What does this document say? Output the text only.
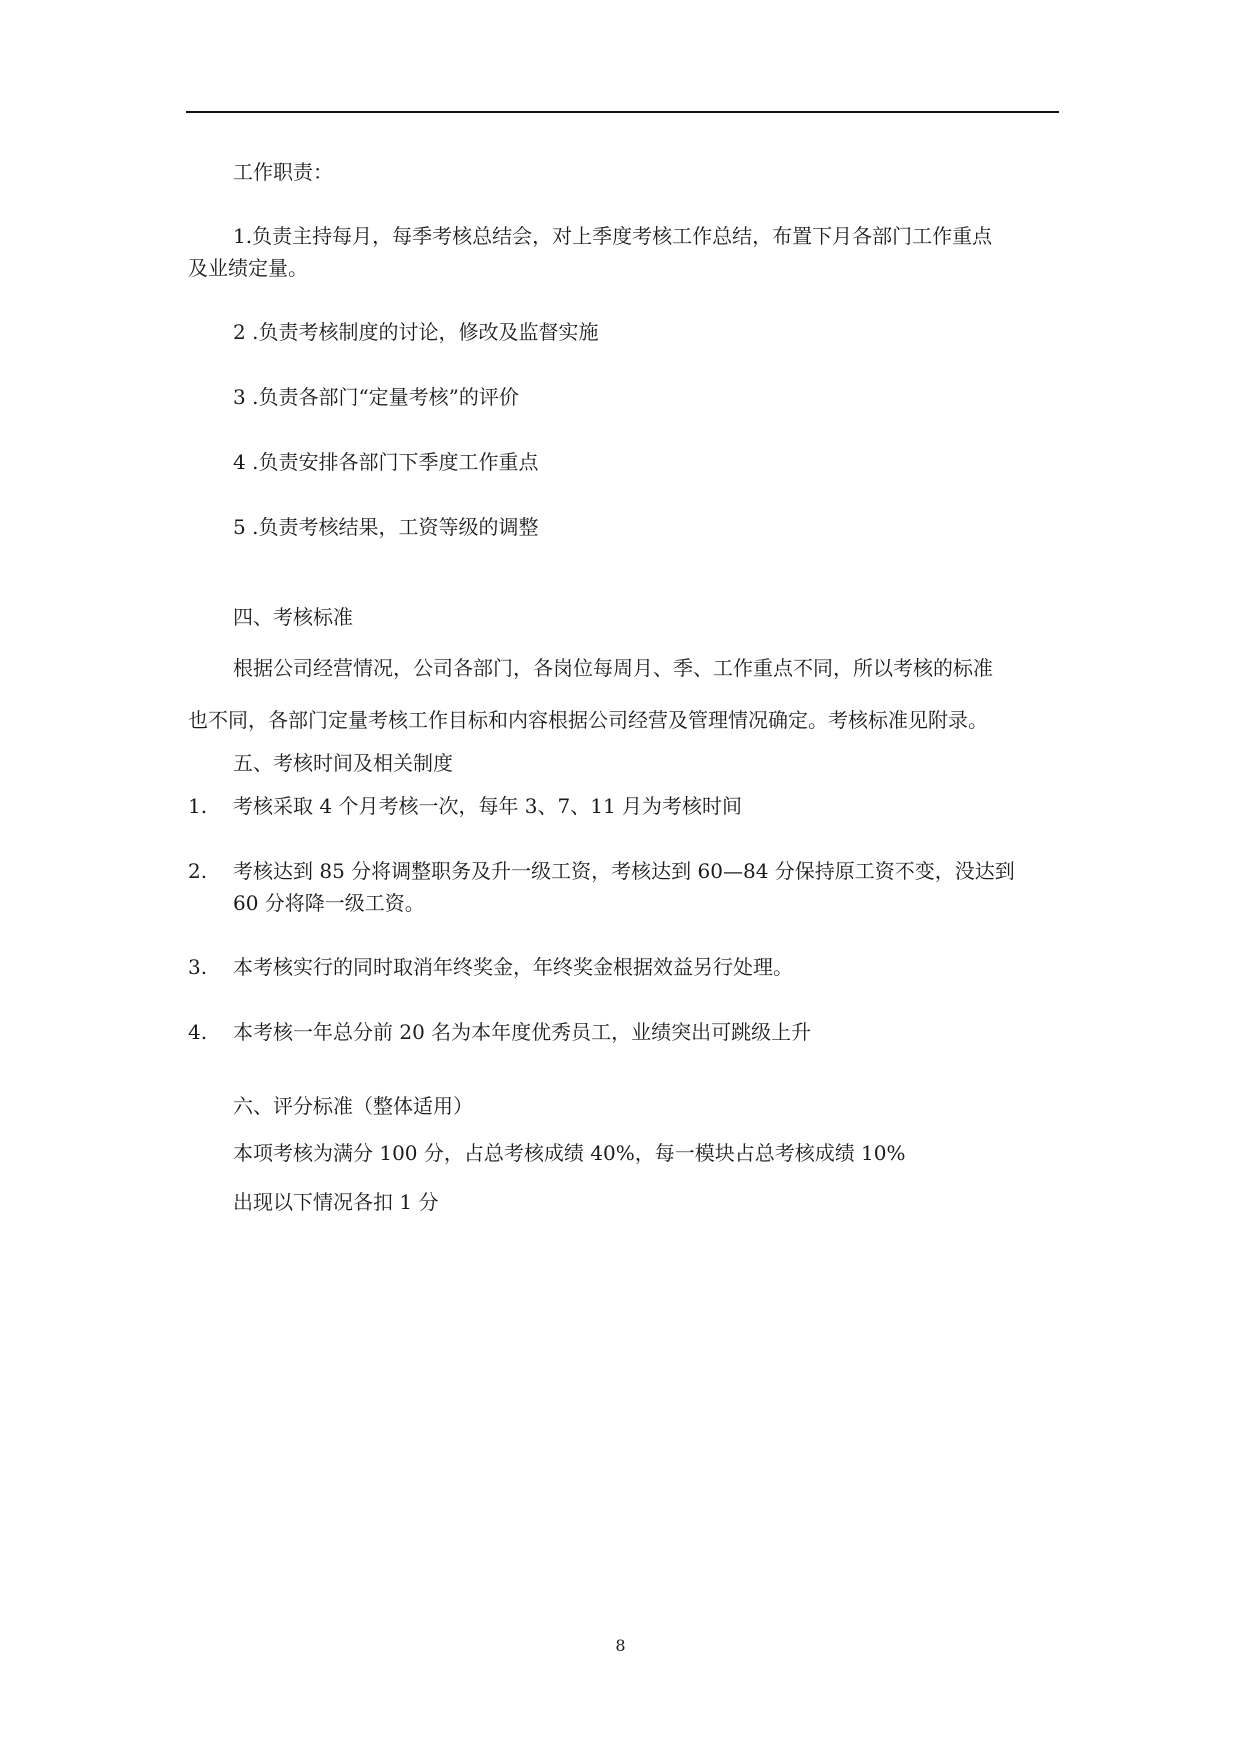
工作职责：
1.负责主持每月，每季考核总结会，对上季度考核工作总结，布置下月各部门工作重点
及业绩定量。
2 .负责考核制度的讨论，修改及监督实施
3 .负责各部门“定量考核”的评价
4 .负责安排各部门下季度工作重点
5 .负责考核结果，工资等级的调整
四、考核标准
根据公司经营情况，公司各部门，各岗位每周月、季、工作重点不同，所以考核的标准
也不同，各部门定量考核工作目标和内容根据公司经营及管理情况确定。考核标准见附录。
五、考核时间及相关制度
1. 考核采取 4 个月考核一次，每年 3、7、11 月为考核时间
2. 考核达到 85 分将调整职务及升一级工资，考核达到 60—84 分保持原工资不变，没达到
60 分将降一级工资。
3. 本考核实行的同时取消年终奖金，年终奖金根据效益另行处理。
4. 本考核一年总分前 20 名为本年度优秀员工，业绩突出可跳级上升
六、评分标准（整体适用）
本项考核为满分 100 分，占总考核成绩 40%，每一模块占总考核成绩 10%
出现以下情况各扣 1 分
8
